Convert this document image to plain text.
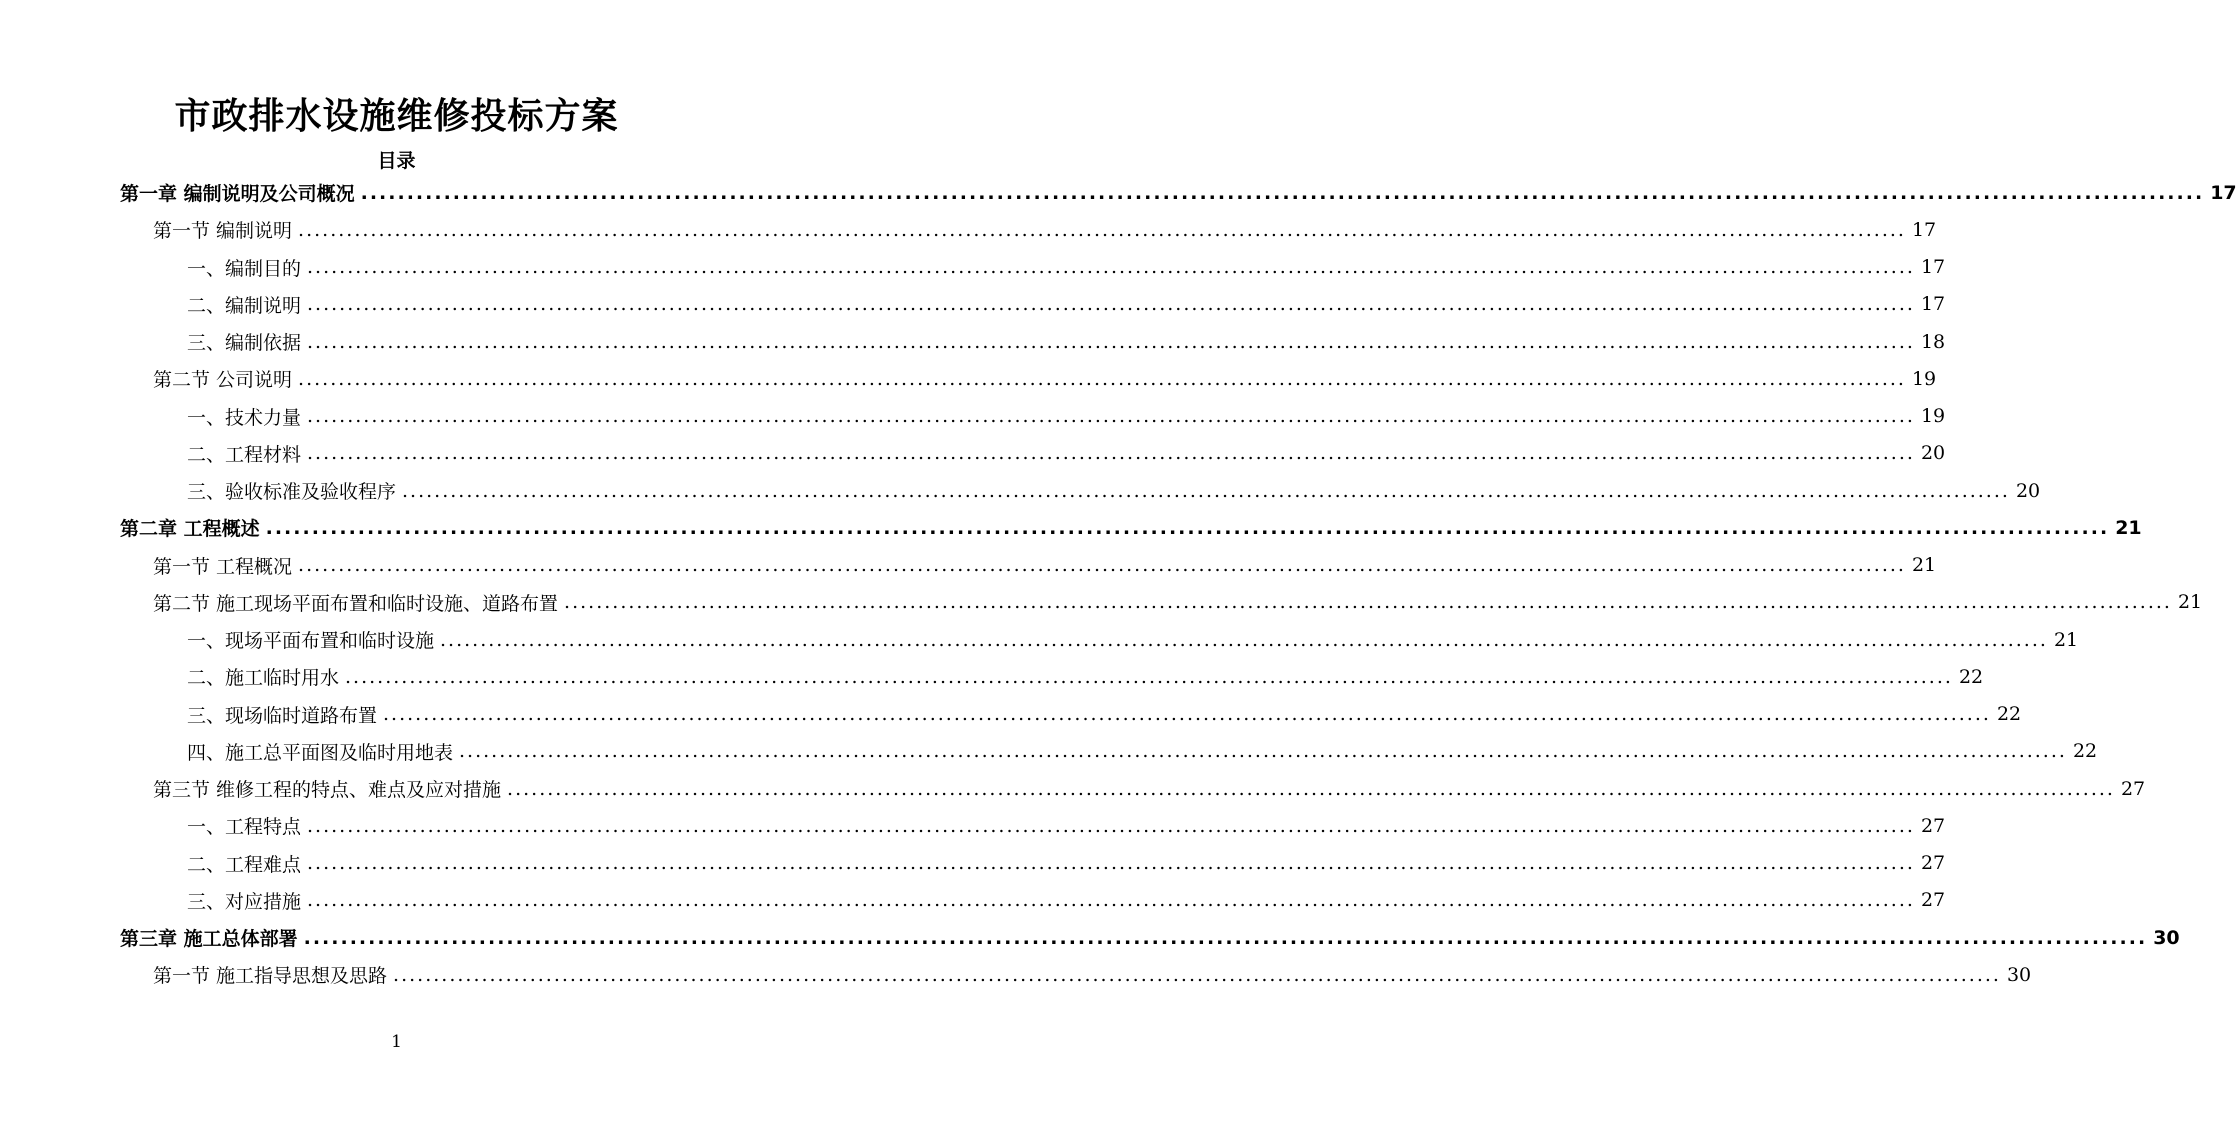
市政排水设施维修投标方案
目录
第一章 编制说明及公司概况 ........................................................................................................................................................................................................ 17
第一节 编制说明 ........................................................................................................................................................................................................ 17
一、编制目的 ........................................................................................................................................................................................................ 17
二、编制说明 ........................................................................................................................................................................................................ 17
三、编制依据 ........................................................................................................................................................................................................ 18
第二节 公司说明 ........................................................................................................................................................................................................ 19
一、技术力量 ........................................................................................................................................................................................................ 19
二、工程材料 ........................................................................................................................................................................................................ 20
三、验收标准及验收程序 ........................................................................................................................................................................................................ 20
第二章 工程概述 ........................................................................................................................................................................................................ 21
第一节 工程概况 ........................................................................................................................................................................................................ 21
第二节 施工现场平面布置和临时设施、道路布置 ........................................................................................................................................................................................................ 21
一、现场平面布置和临时设施 ........................................................................................................................................................................................................ 21
二、施工临时用水 ........................................................................................................................................................................................................ 22
三、现场临时道路布置 ........................................................................................................................................................................................................ 22
四、施工总平面图及临时用地表 ........................................................................................................................................................................................................ 22
第三节 维修工程的特点、难点及应对措施 ........................................................................................................................................................................................................ 27
一、工程特点 ........................................................................................................................................................................................................ 27
二、工程难点 ........................................................................................................................................................................................................ 27
三、对应措施 ........................................................................................................................................................................................................ 27
第三章 施工总体部署 ........................................................................................................................................................................................................ 30
第一节 施工指导思想及思路 ........................................................................................................................................................................................................ 30
1
